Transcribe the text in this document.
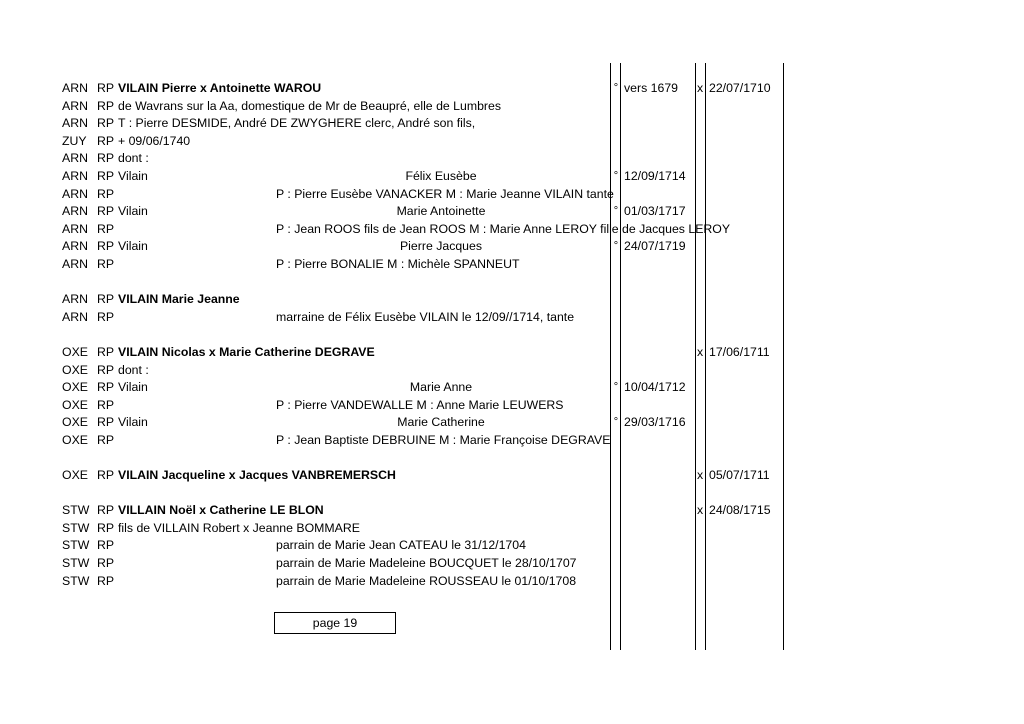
ARN RP VILAIN Pierre x Antoinette WAROU	° vers 1679 x 22/07/1710
ARN RP de Wavrans sur la Aa, domestique de Mr de Beaupré, elle de Lumbres
ARN RP T : Pierre DESMIDE, André DE ZWYGHERE clerc, André son fils,
ZUY RP + 09/06/1740
ARN RP dont :
ARN RP Vilain	Félix Eusèbe	° 12/09/1714
ARN RP	P : Pierre Eusèbe VANACKER M : Marie Jeanne VILAIN tante
ARN RP Vilain	Marie Antoinette	° 01/03/1717
ARN RP	P : Jean ROOS fils de Jean ROOS M : Marie Anne LEROY fille de Jacques LEROY
ARN RP Vilain	Pierre Jacques	° 24/07/1719
ARN RP	P : Pierre BONALIE M : Michèle SPANNEUT
ARN RP VILAIN Marie Jeanne
ARN RP	marraine de Félix Eusèbe VILAIN le 12/09//1714, tante
OXE RP VILAIN Nicolas x Marie Catherine DEGRAVE	x 17/06/1711
OXE RP dont :
OXE RP Vilain	Marie Anne	° 10/04/1712
OXE RP	P : Pierre VANDEWALLE M : Anne Marie LEUWERS
OXE RP Vilain	Marie Catherine	° 29/03/1716
OXE RP	P : Jean Baptiste DEBRUINE M : Marie Françoise DEGRAVE
OXE RP VILAIN Jacqueline x Jacques VANBREMERSCH	x 05/07/1711
STW RP VILLAIN Noël x Catherine LE BLON	x 24/08/1715
STW RP fils de VILLAIN Robert x Jeanne BOMMARE
STW RP	parrain de Marie Jean CATEAU le 31/12/1704
STW RP	parrain de Marie Madeleine BOUCQUET le 28/10/1707
STW RP	parrain de Marie Madeleine ROUSSEAU le 01/10/1708
page 19
